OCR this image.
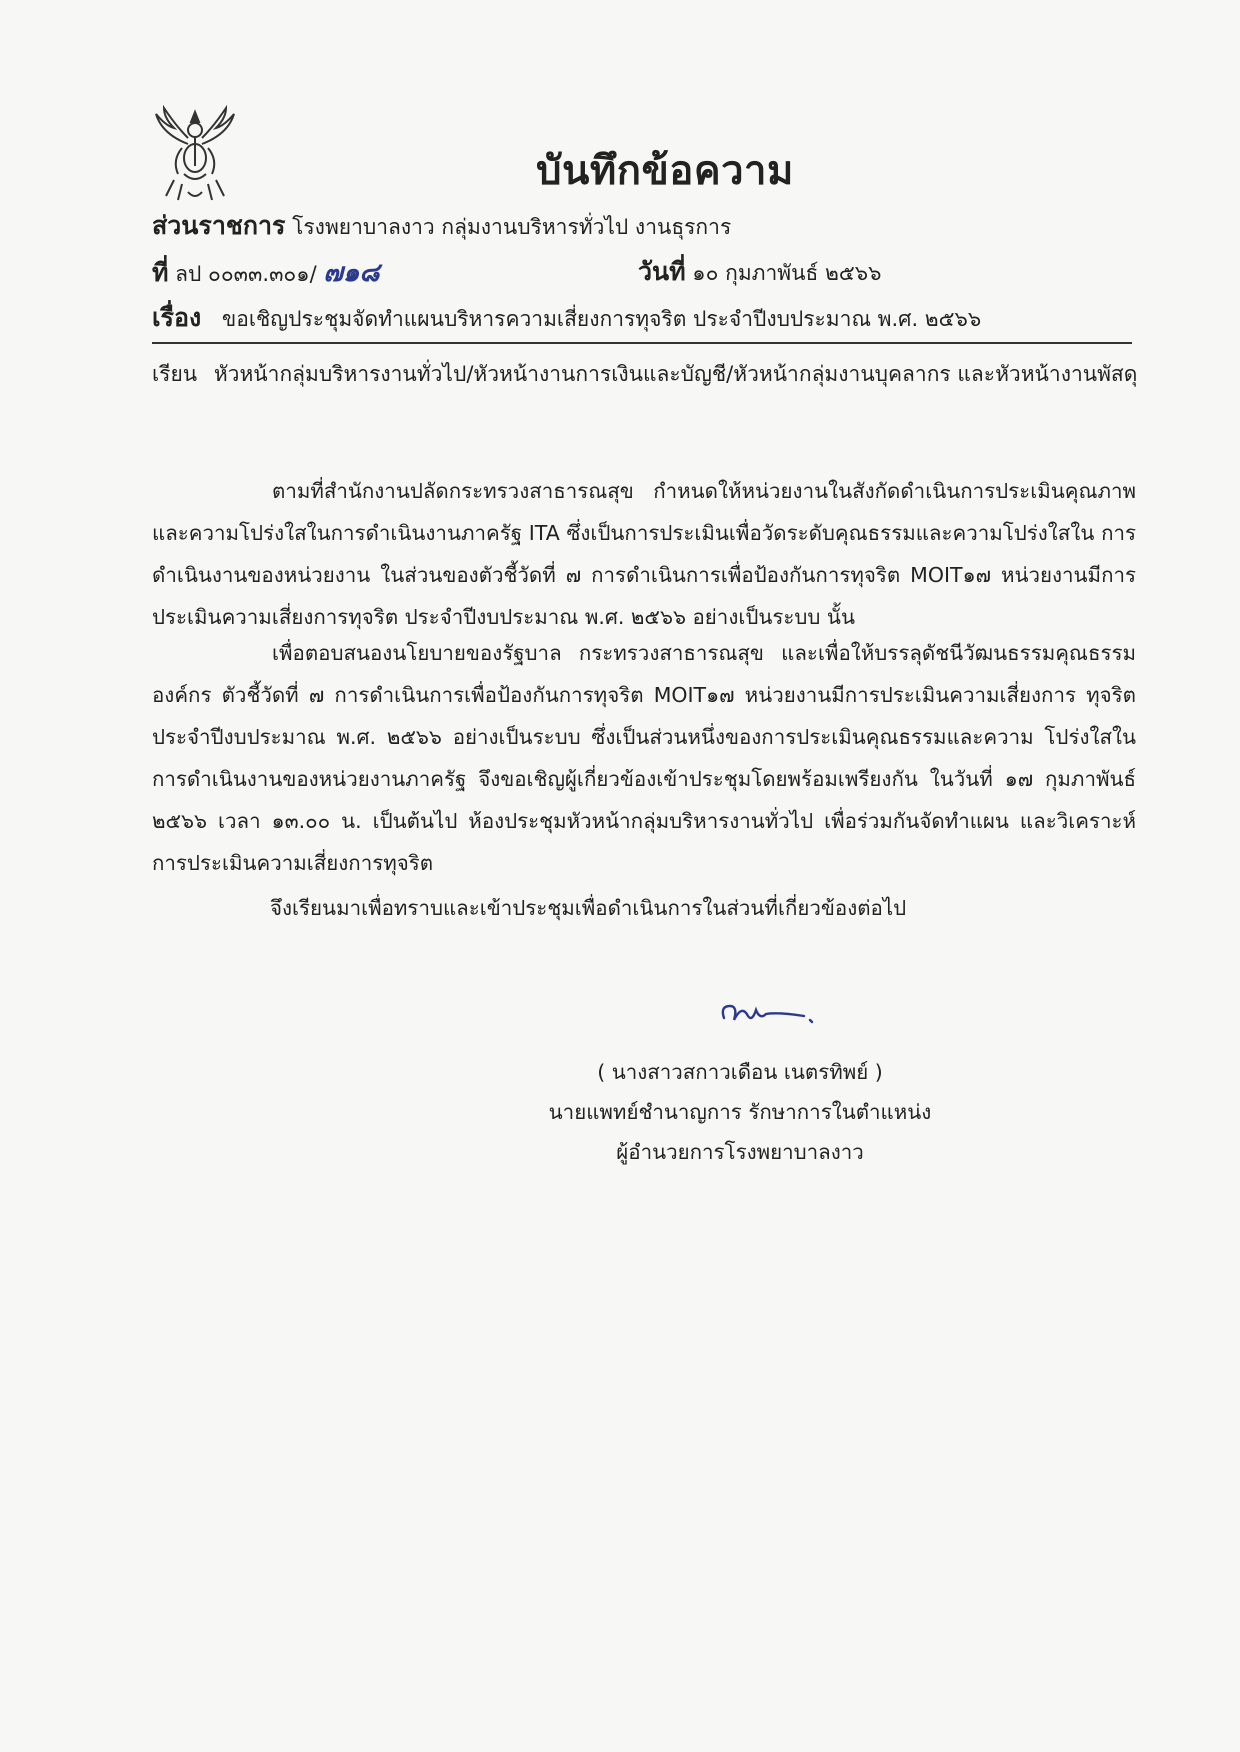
บันทึกข้อความ
ส่วนราชการ โรงพยาบาลงาว กลุ่มงานบริหารทั่วไป งานธุรการ
ที่ ลป ๐๐๓๓.๓๐๑/ ๗๑๘	วันที่ ๑๐ กุมภาพันธ์ ๒๕๖๖
เรื่อง ขอเชิญประชุมจัดทำแผนบริหารความเสี่ยงการทุจริต ประจำปีงบประมาณ พ.ศ. ๒๕๖๖
เรียน หัวหน้ากลุ่มบริหารงานทั่วไป/หัวหน้างานการเงินและบัญชี/หัวหน้ากลุ่มงานบุคลากร และหัวหน้างานพัสดุ

ตามที่สำนักงานปลัดกระทรวงสาธารณสุข กำหนดให้หน่วยงานในสังกัดดำเนินการประเมินคุณภาพและความโปร่งใสในการดำเนินงานภาครัฐ ITA ซึ่งเป็นการประเมินเพื่อวัดระดับคุณธรรมและความโปร่งใสใน การดำเนินงานของหน่วยงาน ในส่วนของตัวชี้วัดที่ ๗ การดำเนินการเพื่อป้องกันการทุจริต MOIT๑๗ หน่วยงานมีการประเมินความเสี่ยงการทุจริต ประจำปีงบประมาณ พ.ศ. ๒๕๖๖ อย่างเป็นระบบ นั้น

เพื่อตอบสนองนโยบายของรัฐบาล กระทรวงสาธารณสุข และเพื่อให้บรรลุดัชนีวัฒนธรรมคุณธรรมองค์กร ตัวชี้วัดที่ ๗ การดำเนินการเพื่อป้องกันการทุจริต MOIT๑๗ หน่วยงานมีการประเมินความเสี่ยงการ ทุจริต ประจำปีงบประมาณ พ.ศ. ๒๕๖๖ อย่างเป็นระบบ ซึ่งเป็นส่วนหนึ่งของการประเมินคุณธรรมและความ โปร่งใสในการดำเนินงานของหน่วยงานภาครัฐ จึงขอเชิญผู้เกี่ยวข้องเข้าประชุมโดยพร้อมเพรียงกัน ในวันที่ ๑๗ กุมภาพันธ์ ๒๕๖๖ เวลา ๑๓.๐๐ น. เป็นต้นไป ห้องประชุมหัวหน้ากลุ่มบริหารงานทั่วไป เพื่อร่วมกันจัดทำแผน และวิเคราะห์การประเมินความเสี่ยงการทุจริต

จึงเรียนมาเพื่อทราบและเข้าประชุมเพื่อดำเนินการในส่วนที่เกี่ยวข้องต่อไป
( นางสาวสกาวเดือน เนตรทิพย์ )
นายแพทย์ชำนาญการ รักษาการในตำแหน่ง
ผู้อำนวยการโรงพยาบาลงาว
